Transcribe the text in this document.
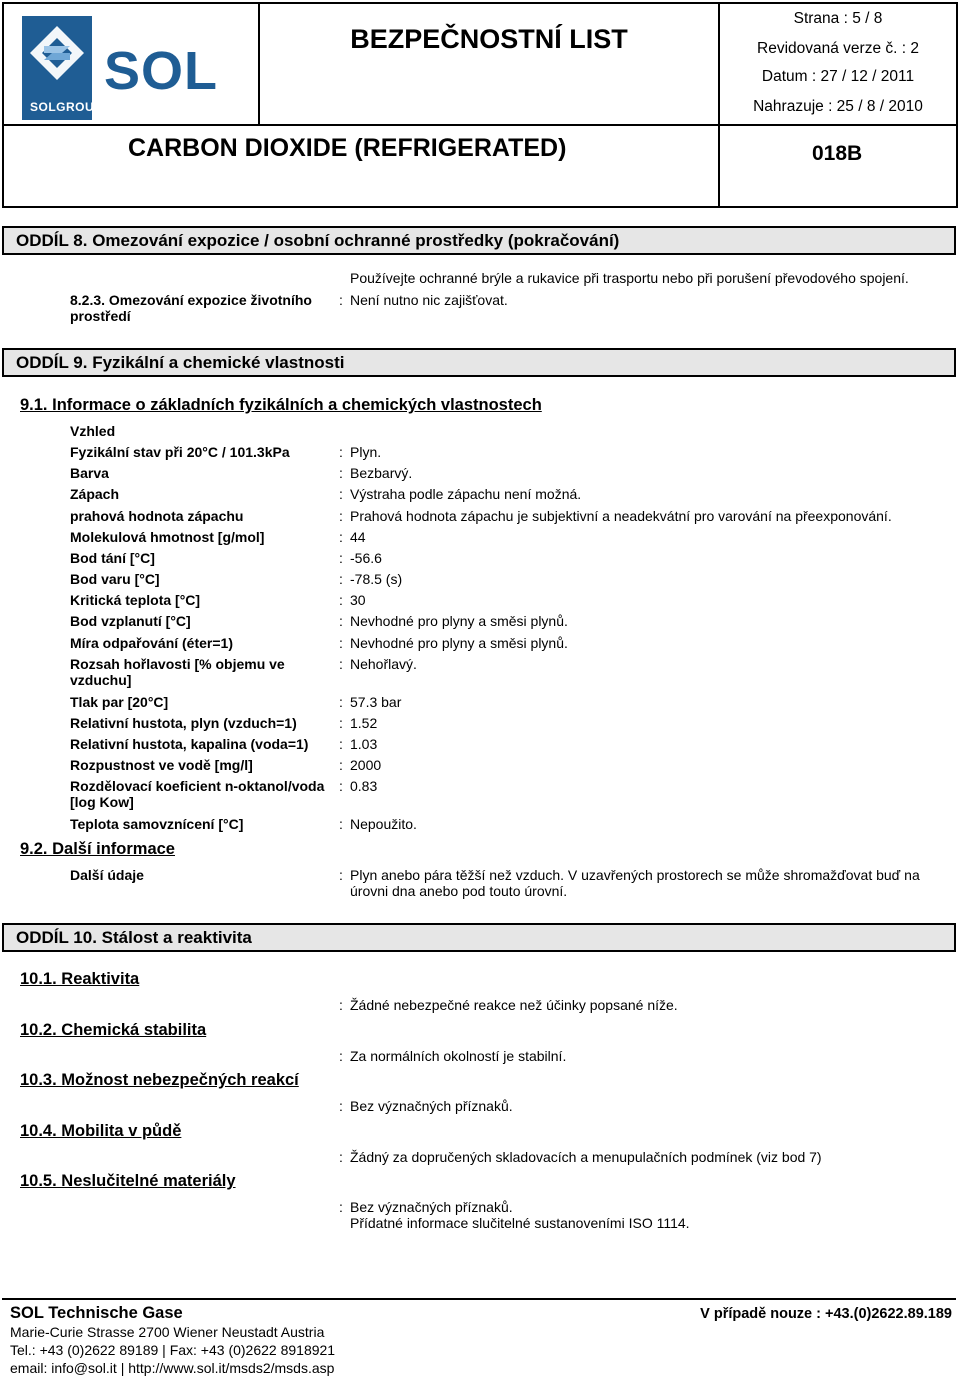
SOL
SOLGROUP
BEZPEČNOSTNÍ LIST
Strana : 5 / 8
Revidovaná verze č. : 2
Datum : 27 / 12 / 2011
Nahrazuje : 25 / 8 / 2010
CARBON DIOXIDE (REFRIGERATED)	018B
ODDÍL 8. Omezování expozice / osobní ochranné prostředky (pokračování)
Používejte ochranné brýle a rukavice při trasportu nebo při porušení převodového spojení.
8.2.3. Omezování expozice životního
prostředí
: Není nutno nic zajišťovat.
ODDÍL 9. Fyzikální a chemické vlastnosti
9.1. Informace o základních fyzikálních a chemických vlastnostech
Vzhled
Fyzikální stav při 20°C / 101.3kPa	: Plyn.
Barva	: Bezbarvý.
Zápach	: Výstraha podle zápachu není možná.
prahová hodnota zápachu	: Prahová hodnota zápachu je subjektivní a neadekvátní pro varování na přeexponování.
Molekulová hmotnost [g/mol]	: 44
Bod tání [°C]	: -56.6
Bod varu [°C]	: -78.5 (s)
Kritická teplota [°C]	: 30
Bod vzplanutí [°C]	: Nevhodné pro plyny a směsi plynů.
Míra odpařování (éter=1)	: Nevhodné pro plyny a směsi plynů.
Rozsah hořlavosti [% objemu ve
vzduchu]
: Nehořlavý.
Tlak par [20°C]	: 57.3 bar
Relativní hustota, plyn (vzduch=1)	: 1.52
Relativní hustota, kapalina (voda=1) : 1.03
Rozpustnost ve vodě [mg/l]	: 2000
Rozdělovací koeficient n-oktanol/voda
[log Kow]
: 0.83
Teplota samovznícení [°C]	: Nepoužito.
9.2. Další informace
Další údaje	: Plyn anebo pára těžší než vzduch. V uzavřených prostorech se může shromažďovat buď na
úrovni dna anebo pod touto úrovní.
ODDÍL 10. Stálost a reaktivita
10.1. Reaktivita
: Žádné nebezpečné reakce než účinky popsané níže.
10.2. Chemická stabilita
: Za normálních okolností je stabilní.
10.3. Možnost nebezpečných reakcí
: Bez význačných příznaků.
10.4. Mobilita v půdě
: Žádný za dopručených skladovacích a menupulačních podmínek (viz bod 7)
10.5. Neslučitelné materiály
: Bez význačných příznaků.
Přídatné informace slučitelné sustanoveními ISO 1114.
SOL Technische Gase	V případě nouze : +43.(0)2622.89.189
Marie-Curie Strasse 2700 Wiener Neustadt Austria
Tel.: +43 (0)2622 89189 | Fax: +43 (0)2622 8918921
email: info@sol.it | http://www.sol.it/msds2/msds.asp
